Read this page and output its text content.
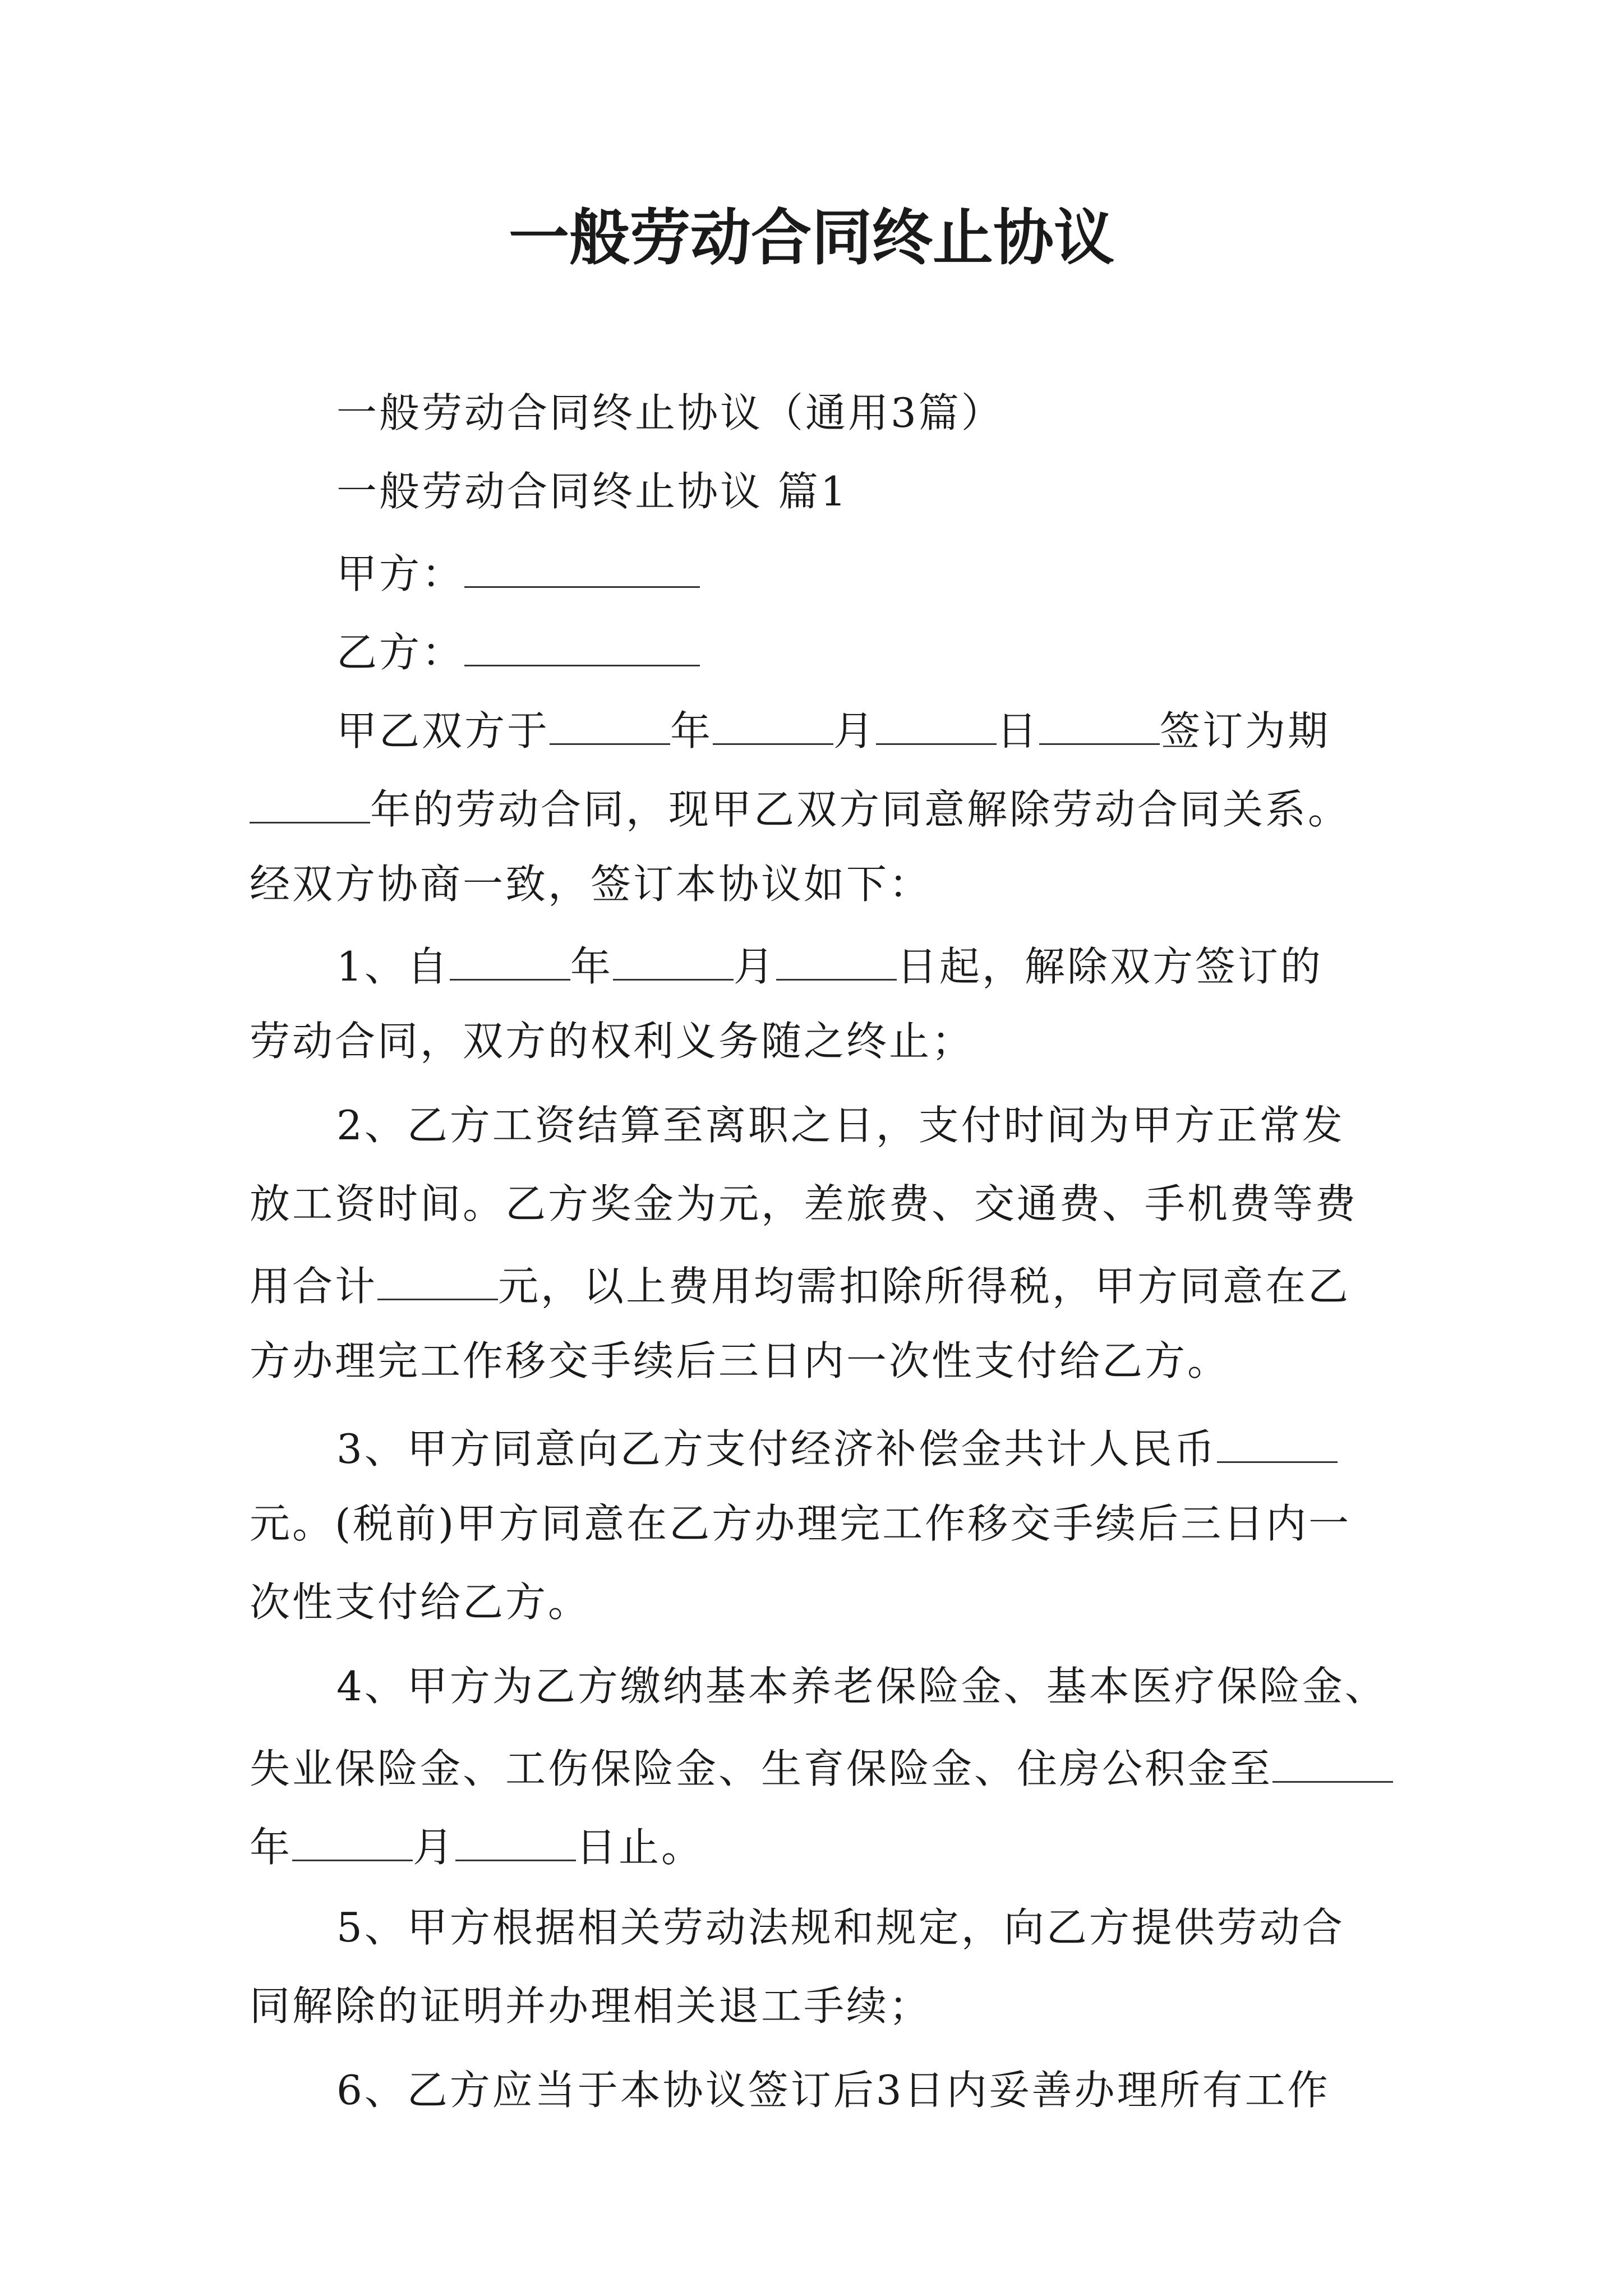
一般劳动合同终止协议
一般劳动合同终止协议（通用3篇）
一般劳动合同终止协议 篇1
甲方：
乙方：
甲乙双方于	年	月	日	签订为期
年的劳动合同，现甲乙双方同意解除劳动合同关系。
经双方协商一致，签订本协议如下：
1、自	年	月	日起，解除双方签订的
劳动合同，双方的权利义务随之终止；
2、乙方工资结算至离职之日，支付时间为甲方正常发
放工资时间。乙方奖金为元，差旅费、交通费、手机费等费
用合计	元，以上费用均需扣除所得税，甲方同意在乙
方办理完工作移交手续后三日内一次性支付给乙方。
3、甲方同意向乙方支付经济补偿金共计人民币
元。(税前)甲方同意在乙方办理完工作移交手续后三日内一
次性支付给乙方。
4、甲方为乙方缴纳基本养老保险金、基本医疗保险金、
失业保险金、工伤保险金、生育保险金、住房公积金至
年	月	日止。
5、甲方根据相关劳动法规和规定，向乙方提供劳动合
同解除的证明并办理相关退工手续；
6、乙方应当于本协议签订后3日内妥善办理所有工作
